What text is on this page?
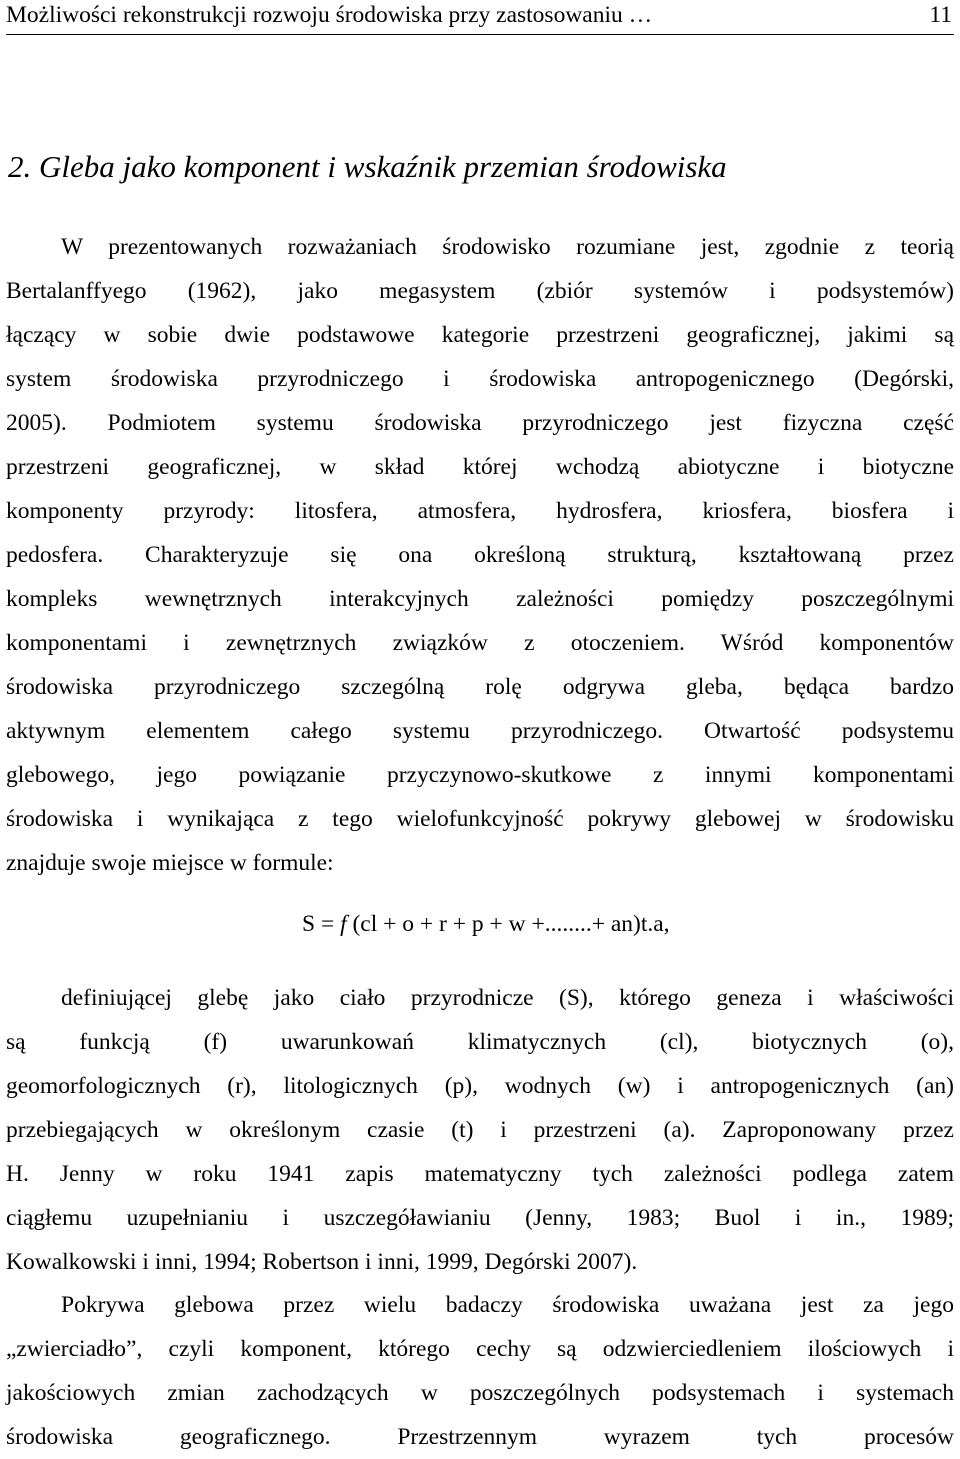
Możliwości rekonstrukcji rozwoju środowiska przy zastosowaniu …	11
2. Gleba jako komponent i wskaźnik przemian środowiska
W prezentowanych rozważaniach środowisko rozumiane jest, zgodnie z teorią
Bertalanffyego (1962), jako megasystem (zbiór systemów i podsystemów)
łączący w sobie dwie podstawowe kategorie przestrzeni geograficznej, jakimi są
system środowiska przyrodniczego i środowiska antropogenicznego (Degórski,
2005). Podmiotem systemu środowiska przyrodniczego jest fizyczna część
przestrzeni geograficznej, w skład której wchodzą abiotyczne i biotyczne
komponenty przyrody: litosfera, atmosfera, hydrosfera, kriosfera, biosfera i
pedosfera. Charakteryzuje się ona określoną strukturą, kształtowaną przez
kompleks wewnętrznych interakcyjnych zależności pomiędzy poszczególnymi
komponentami i zewnętrznych związków z otoczeniem. Wśród komponentów
środowiska przyrodniczego szczególną rolę odgrywa gleba, będąca bardzo
aktywnym elementem całego systemu przyrodniczego. Otwartość podsystemu
glebowego, jego powiązanie przyczynowo-skutkowe z innymi komponentami
środowiska i wynikająca z tego wielofunkcyjność pokrywy glebowej w środowisku
znajduje swoje miejsce w formule:
S = f (cl + o + r + p + w +........+ an)t.a,
definiującej glebę jako ciało przyrodnicze (S), którego geneza i właściwości
są funkcją (f) uwarunkowań klimatycznych (cl), biotycznych (o),
geomorfologicznych (r), litologicznych (p), wodnych (w) i antropogenicznych (an)
przebiegających w określonym czasie (t) i przestrzeni (a). Zaproponowany przez
H. Jenny w roku 1941 zapis matematyczny tych zależności podlega zatem
ciągłemu uzupełnianiu i uszczegóławianiu (Jenny, 1983; Buol i in., 1989;
Kowalkowski i inni, 1994; Robertson i inni, 1999, Degórski 2007).
Pokrywa glebowa przez wielu badaczy środowiska uważana jest za jego
„zwierciadło”, czyli komponent, którego cechy są odzwierciedleniem ilościowych i
jakościowych zmian zachodzących w poszczególnych podsystemach i systemach
środowiska geograficznego. Przestrzennym wyrazem tych procesów
